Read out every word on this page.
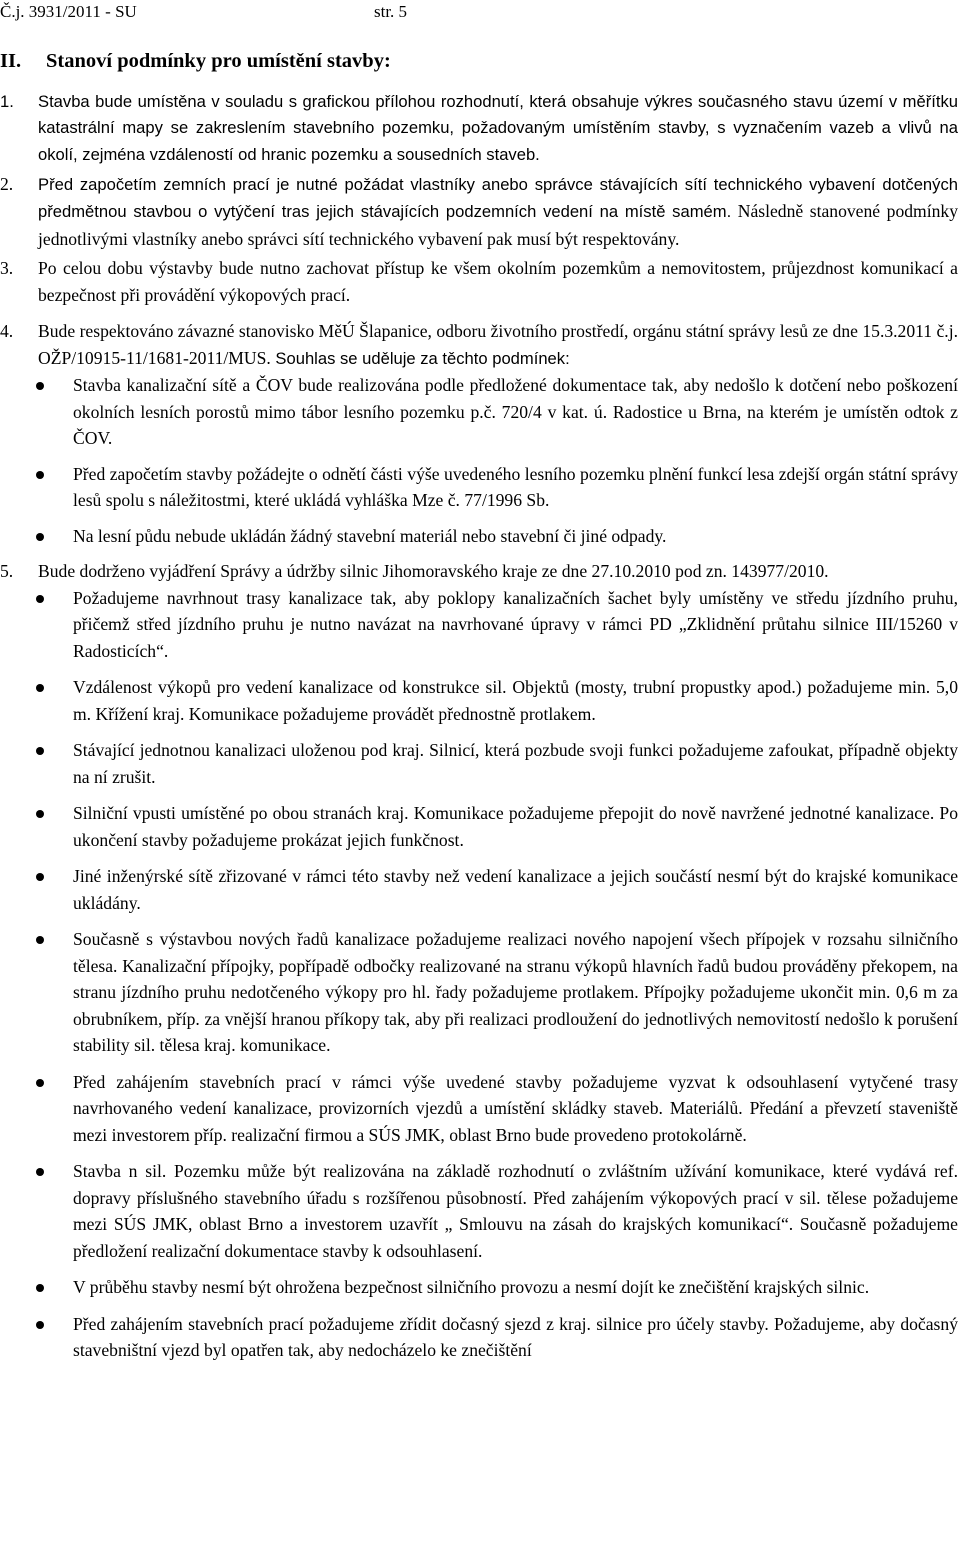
Č.j. 3931/2011 - SU	str. 5
II. Stanoví podmínky pro umístění stavby:
1. Stavba bude umístěna v souladu s grafickou přílohou rozhodnutí, která obsahuje výkres současného stavu území v měřítku katastrální mapy se zakreslením stavebního pozemku, požadovaným umístěním stavby, s vyznačením vazeb a vlivů na okolí, zejména vzdáleností od hranic pozemku a sousedních staveb.
2. Před započetím zemních prací je nutné požádat vlastníky anebo správce stávajících sítí technického vybavení dotčených předmětnou stavbou o vytýčení tras jejich stávajících podzemních vedení na místě samém. Následně stanovené podmínky jednotlivými vlastníky anebo správci sítí technického vybavení pak musí být respektovány.
3. Po celou dobu výstavby bude nutno zachovat přístup ke všem okolním pozemkům a nemovitostem, průjezdnost komunikací a bezpečnost při provádění výkopových prací.
4. Bude respektováno závazné stanovisko MěÚ Šlapanice, odboru životního prostředí, orgánu státní správy lesů ze dne 15.3.2011 č.j. OŽP/10915-11/1681-2011/MUS. Souhlas se uděluje za těchto podmínek:
Stavba kanalizační sítě a ČOV bude realizována podle předložené dokumentace tak, aby nedošlo k dotčení nebo poškození okolních lesních porostů mimo tábor lesního pozemku p.č. 720/4 v kat. ú. Radostice u Brna, na kterém je umístěn odtok z ČOV.
Před započetím stavby požádejte o odnětí části výše uvedeného lesního pozemku plnění funkcí lesa zdejší orgán státní správy lesů spolu s náležitostmi, které ukládá vyhláška Mze č. 77/1996 Sb.
Na lesní půdu nebude ukládán žádný stavební materiál nebo stavební či jiné odpady.
5. Bude dodrženo vyjádření Správy a údržby silnic Jihomoravského kraje ze dne 27.10.2010 pod zn. 143977/2010.
Požadujeme navrhnout trasy kanalizace tak, aby poklopy kanalizačních šachet byly umístěny ve středu jízdního pruhu, přičemž střed jízdního pruhu je nutno navázat na navrhované úpravy v rámci PD „Zklidnění průtahu silnice III/15260 v Radosticích“.
Vzdálenost výkopů pro vedení kanalizace od konstrukce sil. Objektů (mosty, trubní propustky apod.) požadujeme min. 5,0 m. Křížení kraj. Komunikace požadujeme provádět přednostně protlakem.
Stávající jednotnou kanalizaci uloženou pod kraj. Silnicí, která pozbude svoji funkci požadujeme zafoukat, případně objekty na ní zrušit.
Silniční vpusti umístěné po obou stranách kraj. Komunikace požadujeme přepojit do nově navržené jednotné kanalizace. Po ukončení stavby požadujeme prokázat jejich funkčnost.
Jiné inženýrské sítě zřizované v rámci této stavby než vedení kanalizace a jejich součástí nesmí být do krajské komunikace ukládány.
Současně s výstavbou nových řadů kanalizace požadujeme realizaci nového napojení všech přípojek v rozsahu silničního tělesa. Kanalizační přípojky, popřípadě odbočky realizované na stranu výkopů hlavních řadů budou prováděny překopem, na stranu jízdního pruhu nedotčeného výkopy pro hl. řady požadujeme protlakem. Přípojky požadujeme ukončit min. 0,6 m za obrubníkem, příp. za vnější hranou příkopy tak, aby při realizaci prodloužení do jednotlivých nemovitostí nedošlo k porušení stability sil. tělesa kraj. komunikace.
Před zahájením stavebních prací v rámci výše uvedené stavby požadujeme vyzvat k odsouhlasení vytyčené trasy navrhovaného vedení kanalizace, provizorních vjezdů a umístění skládky staveb. Materiálů. Předání a převzetí staveniště mezi investorem příp. realizační firmou a SÚS JMK, oblast Brno bude provedeno protokolárně.
Stavba n sil. Pozemku může být realizována na základě rozhodnutí o zvláštním užívání komunikace, které vydává ref. dopravy příslušného stavebního úřadu s rozšířenou působností. Před zahájením výkopových prací v sil. tělese požadujeme mezi SÚS JMK, oblast Brno a investorem uzavřít „ Smlouvu na zásah do krajských komunikací“. Současně požadujeme předložení realizační dokumentace stavby k odsouhlasení.
V průběhu stavby nesmí být ohrožena bezpečnost silničního provozu a nesmí dojít ke znečištění krajských silnic.
Před zahájením stavebních prací požadujeme zřídit dočasný sjezd z kraj. silnice pro účely stavby. Požadujeme, aby dočasný stavebništní vjezd byl opatřen tak, aby nedocházelo ke znečištění
